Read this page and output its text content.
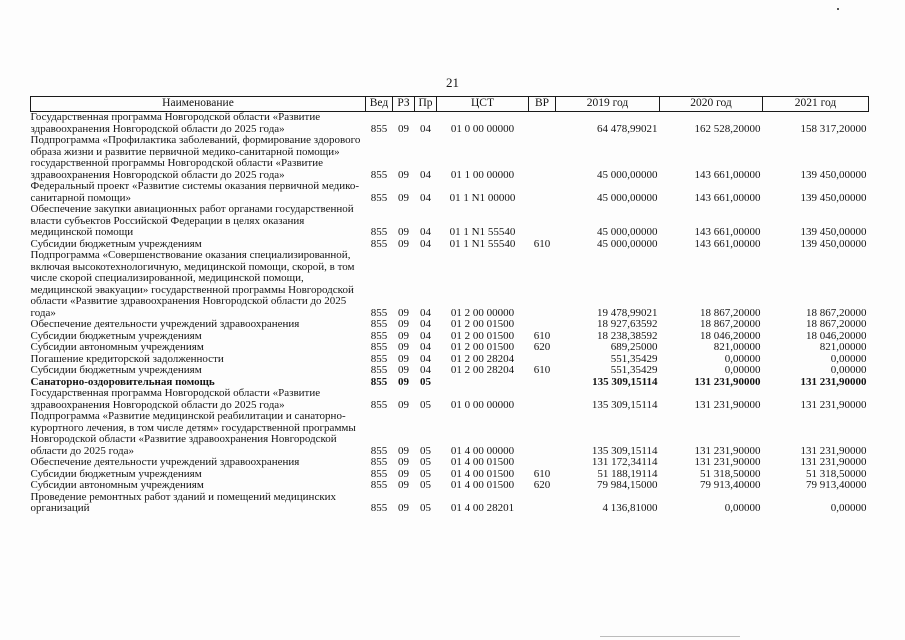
21
Наименование	Вед	РЗ	Пр	ЦСТ	ВР	2019 год	2020 год	2021 год
Государственная программа Новгородской области «Развитие здравоохранения Новгородской области до 2025 года»	855	09	04	01 0 00 00000		64 478,99021	162 528,20000	158 317,20000
Подпрограмма «Профилактика заболеваний, формирование здорового образа жизни и развитие первичной медико-санитарной помощи» государственной программы Новгородской области «Развитие здравоохранения Новгородской области до 2025 года»	855	09	04	01 1 00 00000		45 000,00000	143 661,00000	139 450,00000
Федеральный проект «Развитие системы оказания первичной медико-санитарной помощи»	855	09	04	01 1 N1 00000		45 000,00000	143 661,00000	139 450,00000
Обеспечение закупки авиационных работ органами государственной власти субъектов Российской Федерации в целях оказания медицинской помощи	855	09	04	01 1 N1 55540		45 000,00000	143 661,00000	139 450,00000
Субсидии бюджетным учреждениям	855	09	04	01 1 N1 55540	610	45 000,00000	143 661,00000	139 450,00000
Подпрограмма «Совершенствование оказания специализированной, включая высокотехнологичную, медицинской помощи, скорой, в том числе скорой специализированной, медицинской помощи, медицинской эвакуации» государственной программы Новгородской области «Развитие здравоохранения Новгородской области до 2025 года»	855	09	04	01 2 00 00000		19 478,99021	18 867,20000	18 867,20000
Обеспечение деятельности учреждений здравоохранения	855	09	04	01 2 00 01500		18 927,63592	18 867,20000	18 867,20000
Субсидии бюджетным учреждениям	855	09	04	01 2 00 01500	610	18 238,38592	18 046,20000	18 046,20000
Субсидии автономным учреждениям	855	09	04	01 2 00 01500	620	689,25000	821,00000	821,00000
Погашение кредиторской задолженности	855	09	04	01 2 00 28204		551,35429	0,00000	0,00000
Субсидии бюджетным учреждениям	855	09	04	01 2 00 28204	610	551,35429	0,00000	0,00000
Санаторно-оздоровительная помощь	855	09	05			135 309,15114	131 231,90000	131 231,90000
Государственная программа Новгородской области «Развитие здравоохранения Новгородской области до 2025 года»	855	09	05	01 0 00 00000		135 309,15114	131 231,90000	131 231,90000
Подпрограмма «Развитие медицинской реабилитации и санаторно-курортного лечения, в том числе детям» государственной программы Новгородской области «Развитие здравоохранения Новгородской области до 2025 года»	855	09	05	01 4 00 00000		135 309,15114	131 231,90000	131 231,90000
Обеспечение деятельности учреждений здравоохранения	855	09	05	01 4 00 01500		131 172,34114	131 231,90000	131 231,90000
Субсидии бюджетным учреждениям	855	09	05	01 4 00 01500	610	51 188,19114	51 318,50000	51 318,50000
Субсидии автономным учреждениям	855	09	05	01 4 00 01500	620	79 984,15000	79 913,40000	79 913,40000
Проведение ремонтных работ зданий и помещений медицинских организаций	855	09	05	01 4 00 28201		4 136,81000	0,00000	0,00000
